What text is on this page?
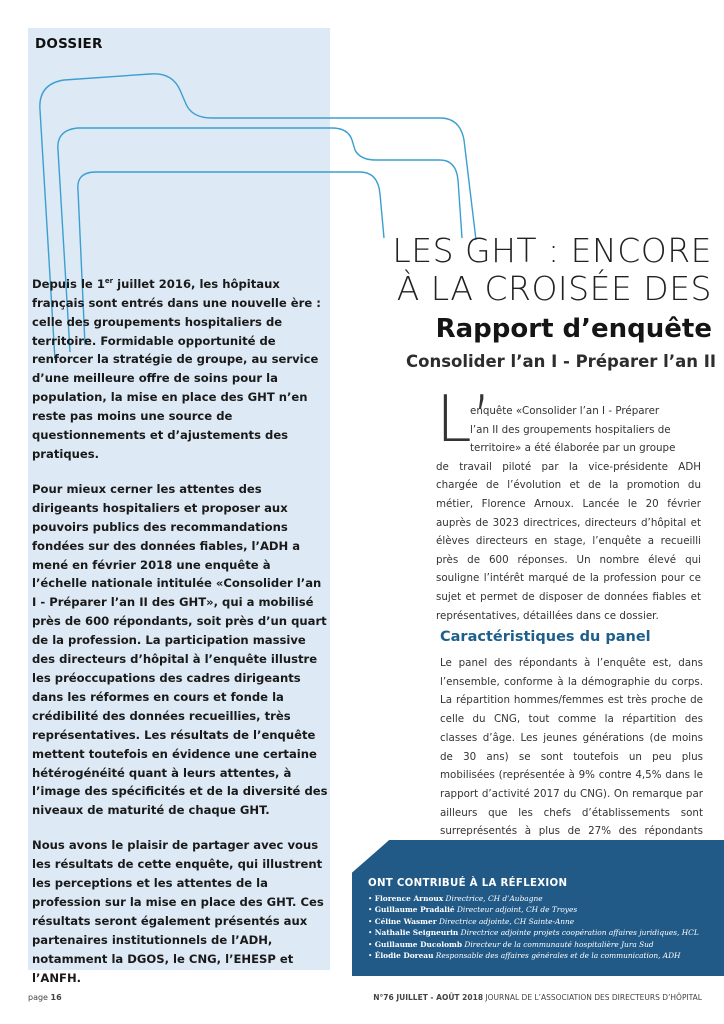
DOSSIER

Depuis le 1er juillet 2016, les hôpitaux français sont entrés dans une nouvelle ère : celle des groupements hospitaliers de territoire. Formidable opportunité de renforcer la stratégie de groupe, au service d’une meilleure offre de soins pour la population, la mise en place des GHT n’en reste pas moins une source de questionnements et d’ajustements des pratiques.

Pour mieux cerner les attentes des dirigeants hospitaliers et proposer aux pouvoirs publics des recommandations fondées sur des données fiables, l’ADH a mené en février 2018 une enquête à l’échelle nationale intitulée «Consolider l’an I - Préparer l’an II des GHT», qui a mobilisé près de 600 répondants, soit près d’un quart de la profession. La participation massive des directeurs d’hôpital à l’enquête illustre les préoccupations des cadres dirigeants dans les réformes en cours et fonde la crédibilité des données recueillies, très représentatives. Les résultats de l’enquête mettent toutefois en évidence une certaine hétérogénéité quant à leurs attentes, à l’image des spécificités et de la diversité des niveaux de maturité de chaque GHT.

Nous avons le plaisir de partager avec vous les résultats de cette enquête, qui illustrent les perceptions et les attentes de la profession sur la mise en place des GHT. Ces résultats seront également présentés aux partenaires institutionnels de l’ADH, notamment la DGOS, le CNG, l’EHESP et l’ANFH.

LES GHT : ENCORE
À LA CROISÉE DES
Rapport d’enquête
Consolider l’an I - Préparer l’an II
L’
enquête «Consolider l’an I - Préparer
l’an II des groupements hospitaliers de
territoire» a été élaborée par un groupe
de travail piloté par la vice-présidente ADH chargée de l’évolution et de la promotion du métier, Florence Arnoux. Lancée le 20 février auprès de 3023 directrices, directeurs d’hôpital et élèves directeurs en stage, l’enquête a recueilli près de 600 réponses. Un nombre élevé qui souligne l’intérêt marqué de la profession pour ce sujet et permet de disposer de données fiables et représentatives, détaillées dans ce dossier.
Caractéristiques du panel
Le panel des répondants à l’enquête est, dans l’ensemble, conforme à la démographie du corps. La répartition hommes/femmes est très proche de celle du CNG, tout comme la répartition des classes d’âge. Les jeunes générations (de moins de 30 ans) se sont toutefois un peu plus mobilisées (représentée à 9% contre 4,5% dans le rapport d’activité 2017 du CNG). On remarque par ailleurs que les chefs d’établissements sont surreprésentés à plus de 27% des répondants
ONT CONTRIBUÉ À LA RÉFLEXION
• Florence Arnoux Directrice, CH d’Aubagne
• Guillaume Pradalié Directeur adjoint, CH de Troyes
• Céline Wasmer Directrice adjointe, CH Sainte-Anne
• Nathalie Seigneurin Directrice adjointe projets coopération affaires juridiques, HCL
• Guillaume Ducolomb Directeur de la communauté hospitalière Jura Sud
• Élodie Doreau Responsable des affaires générales et de la communication, ADH
page 16	N°76 JUILLET - AOÛT 2018 JOURNAL DE L’ASSOCIATION DES DIRECTEURS D’HÔPITAL
